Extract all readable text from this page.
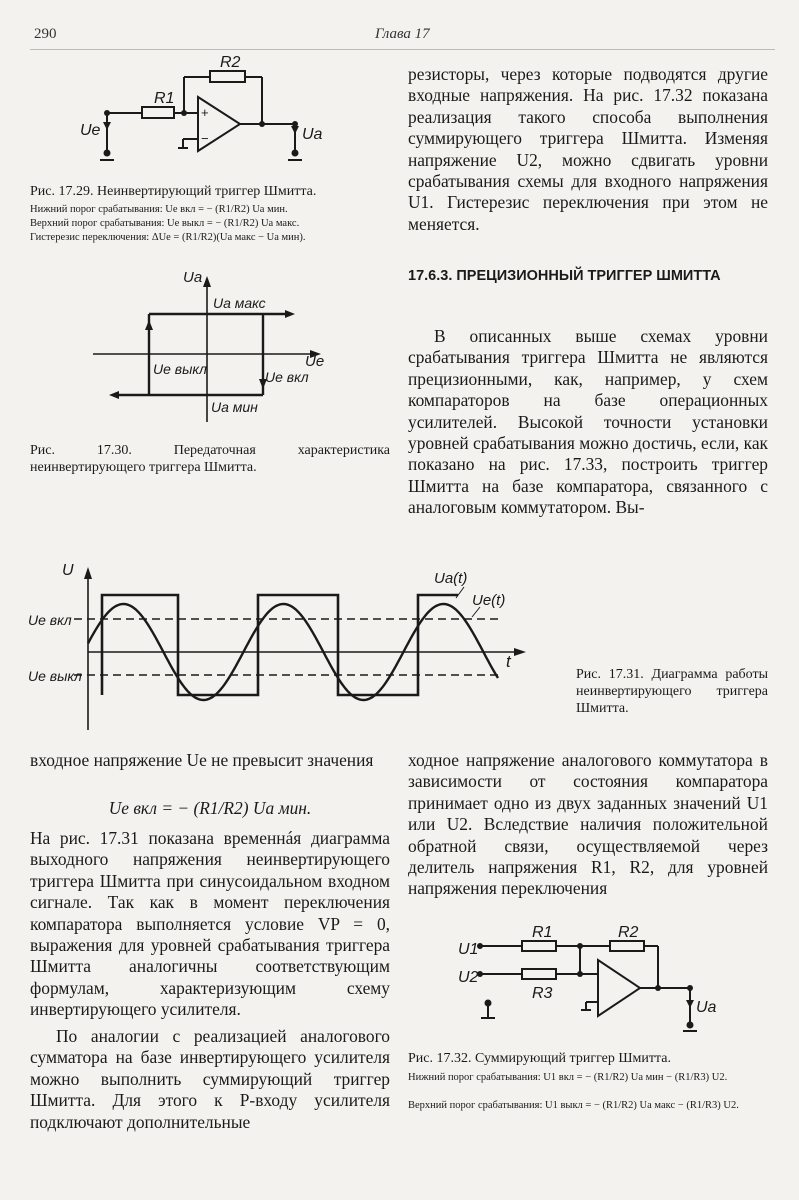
290	Глава 17
R1
R2
Ue	Ua
+
−
Рис. 17.29. Неинвертирующий триггер Шмитта.
Нижний порог срабатывания: Ue вкл = − (R1/R2) Ua мин.
Верхний порог срабатывания: Ue выкл = − (R1/R2) Ua макс.
Гистерезис переключения: ΔUe = (R1/R2)(Ua макс − Ua мин).
Ua
Ue
Ua макс
Ua мин
Ue выкл	Ue вкл
Рис. 17.30. Передаточная характеристика неинвертирующего триггера Шмитта.
резисторы, через которые подводятся другие входные напряжения. На рис. 17.32 показана реализация такого способа выполнения суммирующего триггера Шмитта. Изменяя напряжение U2, можно сдвигать уровни срабатывания схемы для входного напряжения U1. Гистерезис переключения при этом не меняется.
17.6.3. ПРЕЦИЗИОННЫЙ ТРИГГЕР ШМИТТА
В описанных выше схемах уровни срабатывания триггера Шмитта не являются прецизионными, как, например, у схем компараторов на базе операционных усилителей. Высокой точности установки уровней срабатывания можно достичь, если, как показано на рис. 17.33, построить триггер Шмитта на базе компаратора, связанного с аналоговым коммутатором. Вы-
U
t
Ua(t)
Ue(t)
Ue вкл
Ue выкл	Рис. 17.31. Диаграмма работы неинвертирующего триггера Шмитта.
входное напряжение Ue не превысит значения
Ue вкл = − (R1/R2) Ua мин.
На рис. 17.31 показана временнáя диаграмма выходного напряжения неинвертирующего триггера Шмитта при синусоидальном входном сигнале. Так как в момент переключения компаратора выполняется условие VP = 0, выражения для уровней срабатывания триггера Шмитта аналогичны соответствующим формулам, характеризующим схему инвертирующего усилителя.
По аналогии с реализацией аналогового сумматора на базе инвертирующего усилителя можно выполнить суммирующий триггер Шмитта. Для этого к P-входу усилителя подключают дополнительные
ходное напряжение аналогового коммутатора в зависимости от состояния компаратора принимает одно из двух заданных значений U1 или U2. Вследствие наличия положительной обратной связи, осуществляемой через делитель напряжения R1, R2, для уровней напряжения переключения
U1
U2
R1	R2
R3
Ua
Рис. 17.32. Суммирующий триггер Шмитта.
Нижний порог срабатывания: U1 вкл = − (R1/R2) Ua мин − (R1/R3) U2.
Верхний порог срабатывания: U1 выкл = − (R1/R2) Ua макс − (R1/R3) U2.
